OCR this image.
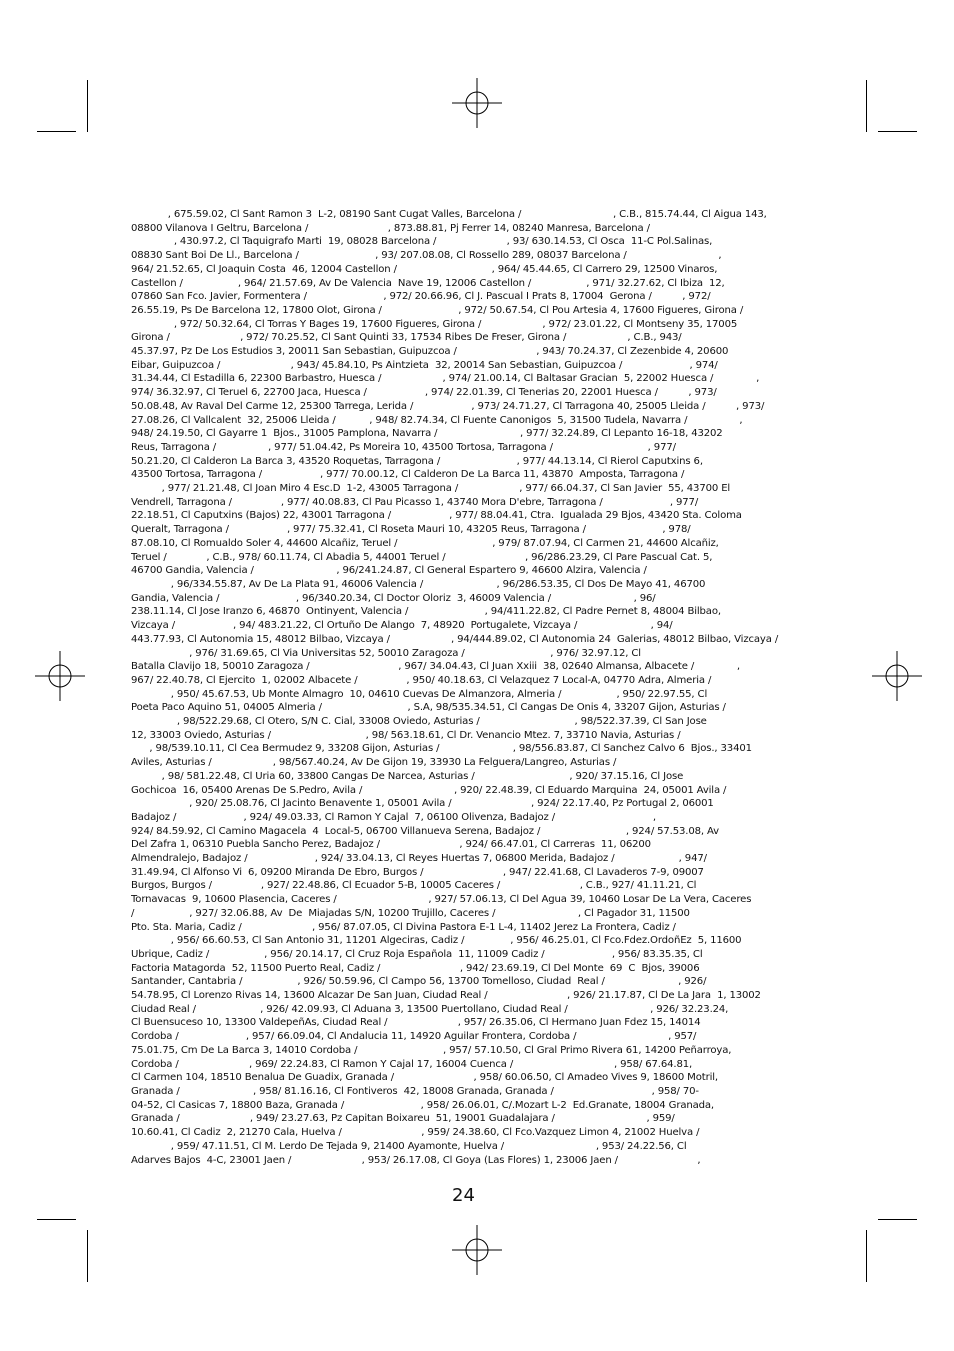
, 675.59.02, Cl Sant Ramon 3  L-2, 08190 Sant Cugat Valles, Barcelona /                              , C.B., 815.74.44, Cl Aigua 143,
08800 Vilanova I Geltru, Barcelona /                          , 873.88.81, Pj Ferrer 14, 08240 Manresa, Barcelona /
, 430.97.2, Cl Taquigrafo Marti  19, 08028 Barcelona /                       , 93/ 630.14.53, Cl Osca  11-C Pol.Salinas,
08830 Sant Boi De Ll., Barcelona /                         , 93/ 207.08.08, Cl Rossello 289, 08037 Barcelona /                              ,
964/ 21.52.65, Cl Joaquin Costa  46, 12004 Castellon /                               , 964/ 45.44.65, Cl Carrero 29, 12500 Vinaros,
Castellon /                  , 964/ 21.57.69, Av De Valencia  Nave 19, 12006 Castellon /                  , 971/ 32.27.62, Cl Ibiza  12,
07860 San Fco. Javier, Formentera /                         , 972/ 20.66.96, Cl J. Pascual I Prats 8, 17004  Gerona /          , 972/
26.55.19, Ps De Barcelona 12, 17800 Olot, Girona /                         , 972/ 50.67.54, Cl Pou Artesia 4, 17600 Figueres, Girona /
, 972/ 50.32.64, Cl Torras Y Bages 19, 17600 Figueres, Girona /                    , 972/ 23.01.22, Cl Montseny 35, 17005
Girona /                       , 972/ 70.25.52, Cl Sant Quinti 33, 17534 Ribes De Freser, Girona /                    , C.B., 943/
45.37.97, Pz De Los Estudios 3, 20011 San Sebastian, Guipuzcoa /                          , 943/ 70.24.37, Cl Zezenbide 4, 20600
Eibar, Guipuzcoa /                       , 943/ 45.84.10, Ps Aintzieta  32, 20014 San Sebastian, Guipuzcoa /                      , 974/
31.34.44, Cl Estadilla 6, 22300 Barbastro, Huesca /                    , 974/ 21.00.14, Cl Baltasar Gracian  5, 22002 Huesca /              ,
974/ 36.32.97, Cl Teruel 6, 22700 Jaca, Huesca /                   , 974/ 22.01.39, Cl Tenerias 20, 22001 Huesca /          , 973/
50.08.48, Av Raval Del Carme 12, 25300 Tarrega, Lerida /                   , 973/ 24.71.27, Cl Tarragona 40, 25005 Lleida /          , 973/
27.08.26, Cl Vallcalent  32, 25006 Lleida /           , 948/ 82.74.34, Cl Fuente Canonigos  5, 31500 Tudela, Navarra /                 ,
948/ 24.19.50, Cl Gayarre 1  Bjos., 31005 Pamplona, Navarra /                           , 977/ 32.24.89, Cl Lepanto 16-18, 43202
Reus, Tarragona /                 , 977/ 51.04.42, Ps Moreira 10, 43500 Tortosa, Tarragona /                               , 977/
50.21.20, Cl Calderon La Barca 3, 43520 Roquetas, Tarragona /                         , 977/ 44.13.14, Cl Rierol Caputxins 6,
43500 Tortosa, Tarragona /                   , 977/ 70.00.12, Cl Calderon De La Barca 11, 43870  Amposta, Tarragona /
, 977/ 21.21.48, Cl Joan Miro 4 Esc.D  1-2, 43005 Tarragona /                    , 977/ 66.04.37, Cl San Javier  55, 43700 El
Vendrell, Tarragona /                , 977/ 40.08.83, Cl Pau Picasso 1, 43740 Mora D'ebre, Tarragona /                      , 977/
22.18.51, Cl Caputxins (Bajos) 22, 43001 Tarragona /                   , 977/ 88.04.41, Ctra.  Igualada 29 Bjos, 43420 Sta. Coloma
Queralt, Tarragona /                   , 977/ 75.32.41, Cl Roseta Mauri 10, 43205 Reus, Tarragona /                         , 978/
87.08.10, Cl Romualdo Soler 4, 44600 Alcañiz, Teruel /                               , 979/ 87.07.94, Cl Carmen 21, 44600 Alcañiz,
Teruel /             , C.B., 978/ 60.11.74, Cl Abadia 5, 44001 Teruel /                          , 96/286.23.29, Cl Pare Pascual Cat. 5,
46700 Gandia, Valencia /                           , 96/241.24.87, Cl General Espartero 9, 46600 Alzira, Valencia /
, 96/334.55.87, Av De La Plata 91, 46006 Valencia /                        , 96/286.53.35, Cl Dos De Mayo 41, 46700
Gandia, Valencia /                         , 96/340.20.34, Cl Doctor Oloriz  3, 46009 Valencia /                           , 96/
238.11.14, Cl Jose Iranzo 6, 46870  Ontinyent, Valencia /                         , 94/411.22.82, Cl Padre Pernet 8, 48004 Bilbao,
Vizcaya /                   , 94/ 483.21.22, Cl Ortuño De Alango  7, 48920  Portugalete, Vizcaya /                        , 94/
443.77.93, Cl Autonomia 15, 48012 Bilbao, Vizcaya /                    , 94/444.89.02, Cl Autonomia 24  Galerias, 48012 Bilbao, Vizcaya /
, 976/ 31.69.65, Cl Via Universitas 52, 50010 Zaragoza /                            , 976/ 32.97.12, Cl
Batalla Clavijo 18, 50010 Zaragoza /                             , 967/ 34.04.43, Cl Juan Xxiii  38, 02640 Almansa, Albacete /              ,
967/ 22.40.78, Cl Ejercito  1, 02002 Albacete /                , 950/ 40.18.63, Cl Velazquez 7 Local-A, 04770 Adra, Almeria /
, 950/ 45.67.53, Ub Monte Almagro  10, 04610 Cuevas De Almanzora, Almeria /                  , 950/ 22.97.55, Cl
Poeta Paco Aquino 51, 04005 Almeria /                            , S.A, 98/535.34.51, Cl Cangas De Onis 4, 33207 Gijon, Asturias /
, 98/522.29.68, Cl Otero, S/N C. Cial, 33008 Oviedo, Asturias /                               , 98/522.37.39, Cl San Jose
12, 33003 Oviedo, Asturias /                               , 98/ 563.18.61, Cl Dr. Venancio Mtez. 7, 33710 Navia, Asturias /
, 98/539.10.11, Cl Cea Bermudez 9, 33208 Gijon, Asturias /                        , 98/556.83.87, Cl Sanchez Calvo 6  Bjos., 33401
Aviles, Asturias /                    , 98/567.40.24, Av De Gijon 19, 33930 La Felguera/Langreo, Asturias /
, 98/ 581.22.48, Cl Uria 60, 33800 Cangas De Narcea, Asturias /                               , 920/ 37.15.16, Cl Jose
Gochicoa  16, 05400 Arenas De S.Pedro, Avila /                              , 920/ 22.48.39, Cl Eduardo Marquina  24, 05001 Avila /
, 920/ 25.08.76, Cl Jacinto Benavente 1, 05001 Avila /                          , 924/ 22.17.40, Pz Portugal 2, 06001
Badajoz /                      , 924/ 49.03.33, Cl Ramon Y Cajal  7, 06100 Olivenza, Badajoz /                                ,
924/ 84.59.92, Cl Camino Magacela  4  Local-5, 06700 Villanueva Serena, Badajoz /                            , 924/ 57.53.08, Av
Del Zafra 1, 06310 Puebla Sancho Perez, Badajoz /                          , 924/ 66.47.01, Cl Carreras  11, 06200
Almendralejo, Badajoz /                      , 924/ 33.04.13, Cl Reyes Huertas 7, 06800 Merida, Badajoz /                     , 947/
31.49.94, Cl Alfonso Vi  6, 09200 Miranda De Ebro, Burgos /                          , 947/ 22.41.68, Cl Lavaderos 7-9, 09007
Burgos, Burgos /                , 927/ 22.48.86, Cl Ecuador 5-B, 10005 Caceres /                          , C.B., 927/ 41.11.21, Cl
Tornavacas  9, 10600 Plasencia, Caceres /                              , 927/ 57.06.13, Cl Del Agua 39, 10460 Losar De La Vera, Caceres
/                  , 927/ 32.06.88, Av  De  Miajadas S/N, 10200 Trujillo, Caceres /                           , Cl Pagador 31, 11500
Pto. Sta. Maria, Cadiz /                       , 956/ 87.07.05, Cl Divina Pastora E-1 L-4, 11402 Jerez La Frontera, Cadiz /
, 956/ 66.60.53, Cl San Antonio 31, 11201 Algeciras, Cadiz /               , 956/ 46.25.01, Cl Fco.Fdez.OrdoñEz  5, 11600
Ubrique, Cadiz /                  , 956/ 20.14.17, Cl Cruz Roja Española  11, 11009 Cadiz /                      , 956/ 83.35.35, Cl
Factoria Matagorda  52, 11500 Puerto Real, Cadiz /                          , 942/ 23.69.19, Cl Del Monte  69  C  Bjos, 39006
Santander, Cantabria /                  , 926/ 50.59.96, Cl Campo 56, 13700 Tomelloso, Ciudad  Real /                        , 926/
54.78.95, Cl Lorenzo Rivas 14, 13600 Alcazar De San Juan, Ciudad Real /                          , 926/ 21.17.87, Cl De La Jara  1, 13002
Ciudad Real /                     , 926/ 42.09.93, Cl Aduana 3, 13500 Puertollano, Ciudad Real /                           , 926/ 32.23.24,
Cl Buensuceso 10, 13300 ValdepeñAs, Ciudad Real /                       , 957/ 26.35.06, Cl Hermano Juan Fdez 15, 14014
Cordoba /                      , 957/ 66.09.04, Cl Andalucia 11, 14920 Aguilar Frontera, Cordoba /                              , 957/
75.01.75, Cm De La Barca 3, 14010 Cordoba /                            , 957/ 57.10.50, Cl Gral Primo Rivera 61, 14200 Peñarroya,
Cordoba /                       , 969/ 22.24.83, Cl Ramon Y Cajal 17, 16004 Cuenca /                                 , 958/ 67.64.81,
Cl Carmen 104, 18510 Benalua De Guadix, Granada /                          , 958/ 60.06.50, Cl Amadeo Vives 9, 18600 Motril,
Granada /                        , 958/ 81.16.16, Cl Fontiveros  42, 18008 Granada, Granada /                                , 958/ 70-
04-52, Cl Casicas 7, 18800 Baza, Granada /                         , 958/ 26.06.01, C/.Mozart L-2  Ed.Granate, 18004 Granada,
Granada /                       , 949/ 23.27.63, Pz Capitan Boixareu  51, 19001 Guadalajara /                              , 959/
10.60.41, Cl Cadiz  2, 21270 Cala, Huelva /                          , 959/ 24.38.60, Cl Fco.Vazquez Limon 4, 21002 Huelva /
, 959/ 47.11.51, Cl M. Lerdo De Tejada 9, 21400 Ayamonte, Huelva /                              , 953/ 24.22.56, Cl
Adarves Bajos  4-C, 23001 Jaen /                       , 953/ 26.17.08, Cl Goya (Las Flores) 1, 23006 Jaen /                          ,
24
